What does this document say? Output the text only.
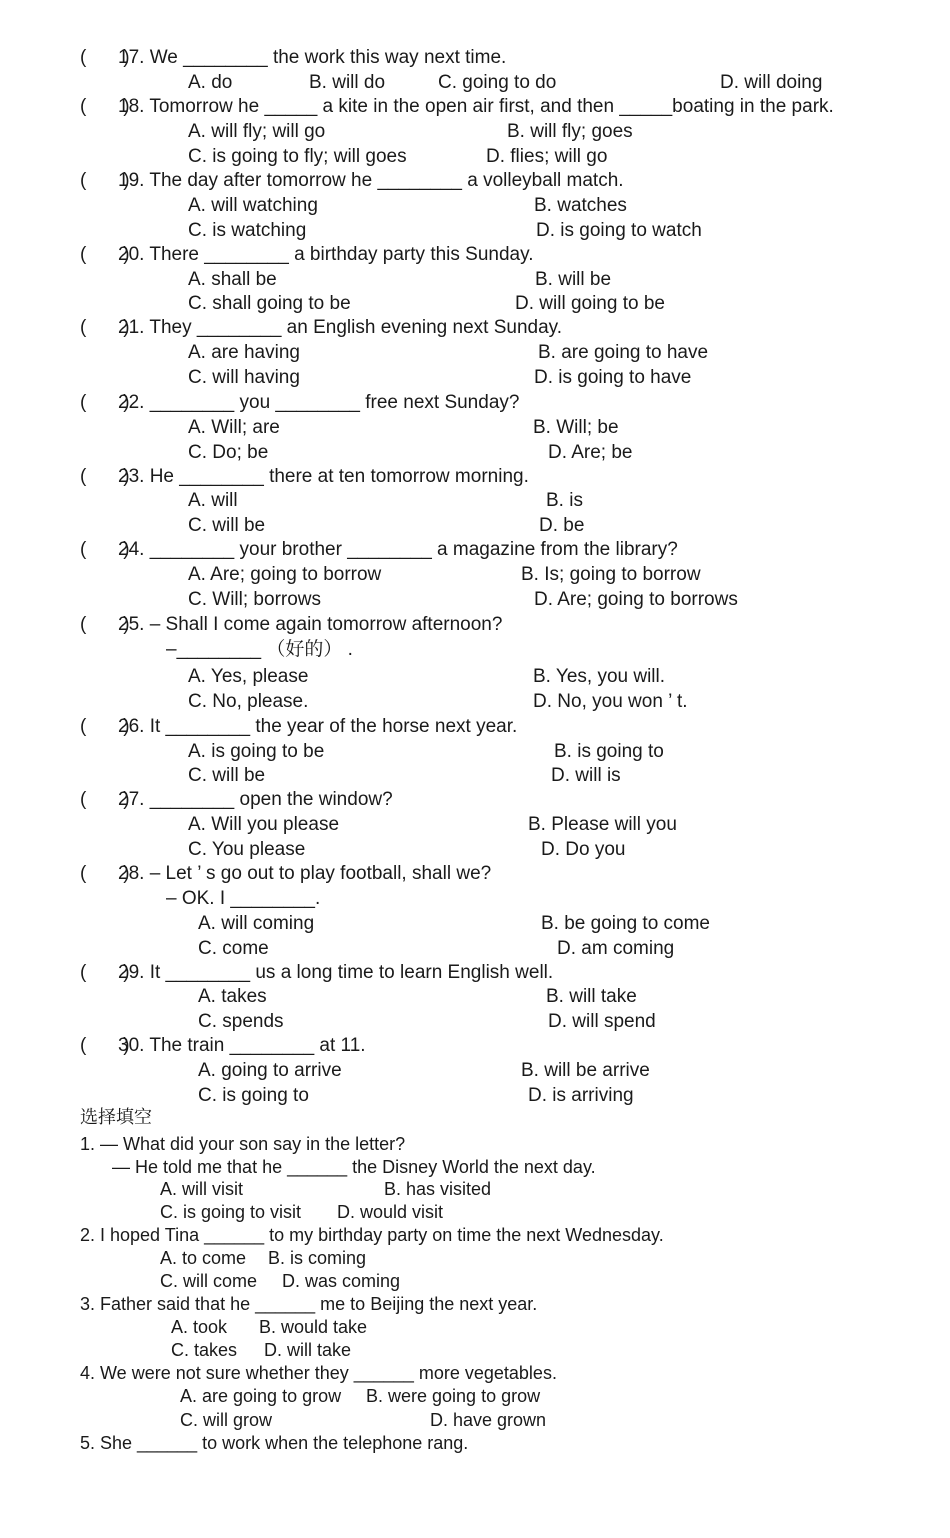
(       )
17. We ________ the work this way next time.
A. do	B. will do	C. going to do	D. will doing
(       )
18. Tomorrow he _____ a kite in the open air first, and then _____boating in the park.
A. will fly; will go	B. will fly; goes
C. is going to fly; will goes	D. flies; will go
(       )
19. The day after tomorrow he ________ a volleyball match.
A. will watching	B. watches
C. is watching	D. is going to watch
(       )
20. There ________ a birthday party this Sunday.
A. shall be	B. will be
C. shall going to be	D. will going to be
(       )
21. They ________ an English evening next Sunday.
A. are having	B. are going to have
C. will having	D. is going to have
(       )
22. ________ you ________ free next Sunday?
A. Will; are	B. Will; be
C. Do; be	D. Are; be
(       )
23. He ________ there at ten tomorrow morning.
A. will	B. is
C. will be	D. be
(       )
24. ________ your brother ________ a magazine from the library?
A. Are; going to borrow	B. Is; going to borrow
C. Will; borrows	D. Are; going to borrows
(       )
25. – Shall I come again tomorrow afternoon?
–________ （好的） .
A. Yes, please	B. Yes, you will.
C. No, please.	D. No, you won ’ t.
(       )
26. It ________ the year of the horse next year.
A. is going to be	B. is going to
C. will be	D. will is
(       )
27. ________ open the window?
A. Will you please	B. Please will you
C. You please	D. Do you
(       )
28. – Let ’ s go out to play football, shall we?
– OK. I ________.
A. will coming	B. be going to come
C. come	D. am coming
(       )
29. It ________ us a long time to learn English well.
A. takes	B. will take
C. spends	D. will spend
(       )
30. The train ________ at 11.
A. going to arrive	B. will be arrive
C. is going to	D. is arriving
选择填空
1. — What did your son say in the letter?
— He told me that he ______ the Disney World the next day.
A. will visit	B. has visited
C. is going to visit D. would visit
2. I hoped Tina ______ to my birthday party on time the next Wednesday.
A. to come B. is coming
C. will come D. was coming
3. Father said that he ______ me to Beijing the next year.
A. took B. would take
C. takes D. will take
4. We were not sure whether they ______ more vegetables.
A. are going to grow B. were going to grow
C. will grow	D. have grown
5. She ______ to work when the telephone rang.
